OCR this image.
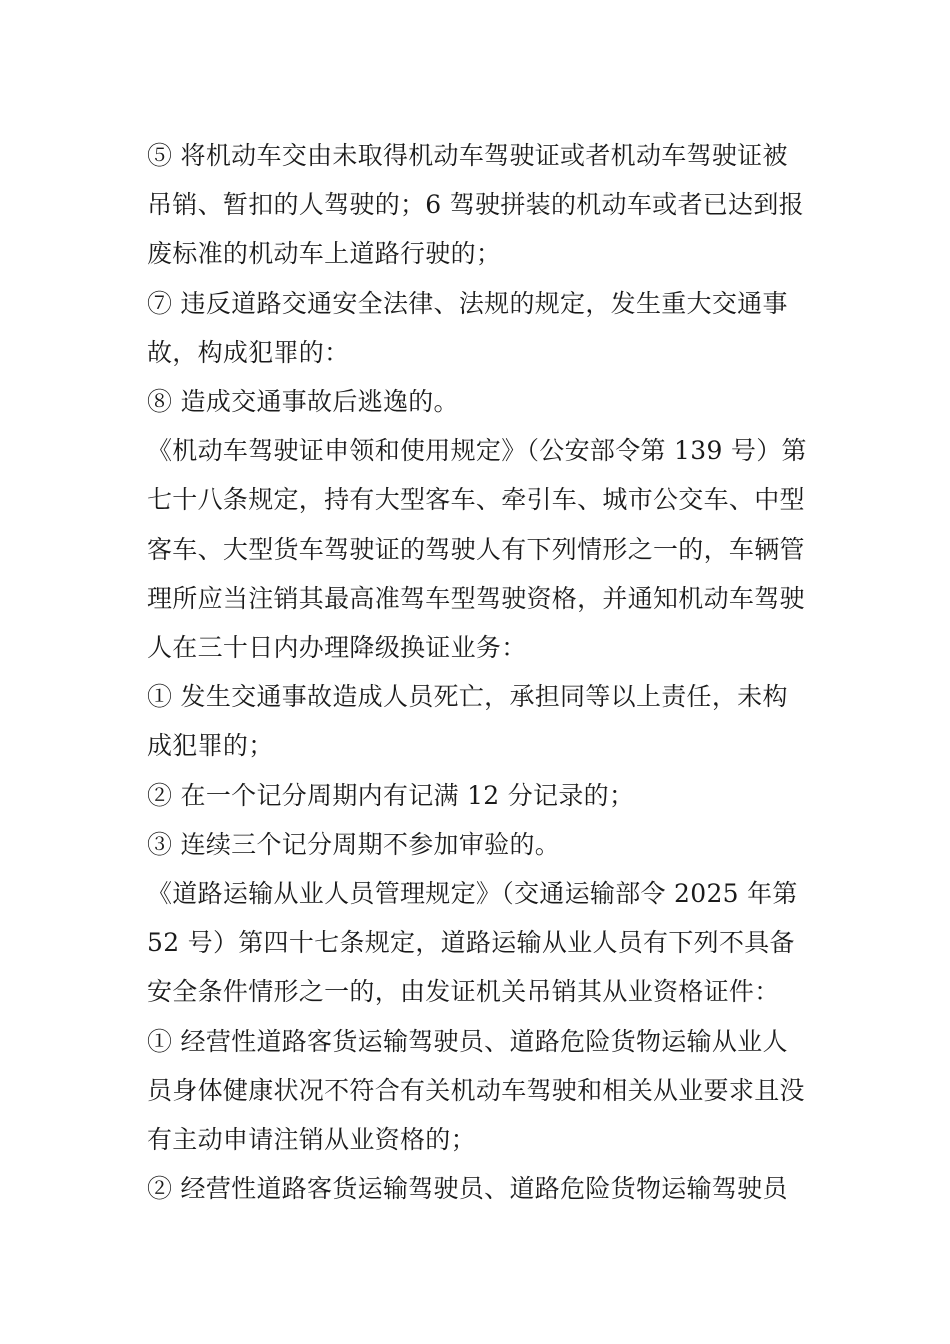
⑤ 将机动车交由未取得机动车驾驶证或者机动车驾驶证被吊销、暂扣的人驾驶的；6 驾驶拼装的机动车或者已达到报废标准的机动车上道路行驶的；

⑦ 违反道路交通安全法律、法规的规定，发生重大交通事故，构成犯罪的：

⑧ 造成交通事故后逃逸的。

《机动车驾驶证申领和使用规定》（公安部令第 139 号）第七十八条规定，持有大型客车、牵引车、城市公交车、中型客车、大型货车驾驶证的驾驶人有下列情形之一的，车辆管理所应当注销其最高准驾车型驾驶资格，并通知机动车驾驶人在三十日内办理降级换证业务：

① 发生交通事故造成人员死亡，承担同等以上责任，未构成犯罪的；

② 在一个记分周期内有记满 12 分记录的；

③ 连续三个记分周期不参加审验的。

《道路运输从业人员管理规定》（交通运输部令 2025 年第 52 号）第四十七条规定，道路运输从业人员有下列不具备安全条件情形之一的，由发证机关吊销其从业资格证件：

① 经营性道路客货运输驾驶员、道路危险货物运输从业人员身体健康状况不符合有关机动车驾驶和相关从业要求且没有主动申请注销从业资格的；

② 经营性道路客货运输驾驶员、道路危险货物运输驾驶员
